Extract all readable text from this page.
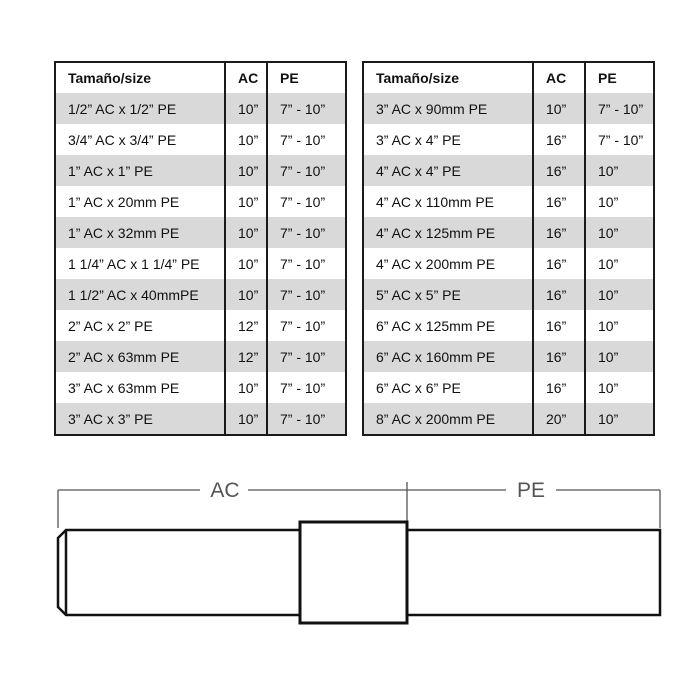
Tamaño/size	AC	PE
1/2” AC x 1/2” PE	10”	7” - 10”
3/4” AC x 3/4” PE	10”	7” - 10”
1” AC x 1” PE	10”	7” - 10”
1” AC x 20mm PE	10”	7” - 10”
1” AC x 32mm PE	10”	7” - 10”
1 1/4” AC x 1 1/4” PE	10”	7” - 10”
1 1/2” AC x 40mmPE	10”	7” - 10”
2” AC x 2” PE	12”	7” - 10”
2” AC x 63mm PE	12”	7” - 10”
3” AC x 63mm PE	10”	7” - 10”
3” AC x 3” PE	10”	7” - 10”
Tamaño/size	AC	PE
3” AC x 90mm PE	10”	7” - 10”
3” AC x 4” PE	16”	7” - 10”
4” AC x 4” PE	16”	10”
4” AC x 110mm PE	16”	10”
4” AC x 125mm PE	16”	10”
4” AC x 200mm PE	16”	10”
5” AC x 5” PE	16”	10”
6” AC x 125mm PE	16”	10”
6” AC x 160mm PE	16”	10”
6” AC x 6” PE	16”	10”
8” AC x 200mm PE	20”	10”
AC	PE
